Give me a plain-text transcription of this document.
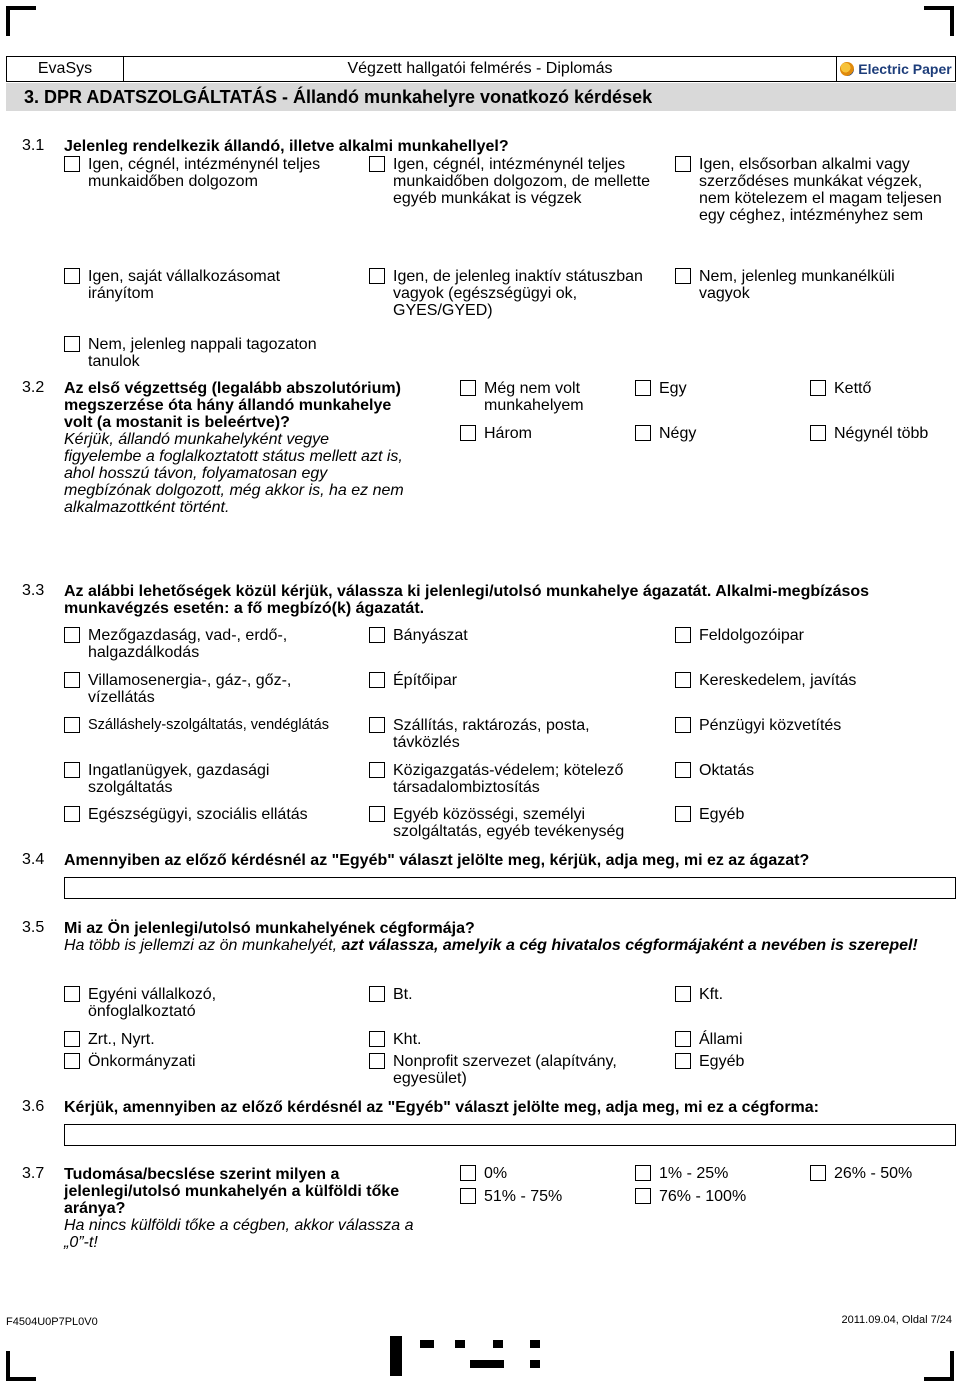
EvaSys	Végzett hallgatói felmérés - Diplomás	Electric Paper
3. DPR ADATSZOLGÁLTATÁS - Állandó munkahelyre vonatkozó kérdések
3.1 Jelenleg rendelkezik állandó, illetve alkalmi munkahellyel?
Igen, cégnél, intézménynél teljes munkaidőben dolgozom
Igen, cégnél, intézménynél teljes munkaidőben dolgozom, de mellette egyéb munkákat is végzek
Igen, elsősorban alkalmi vagy szerződéses munkákat végzek, nem kötelezem el magam teljesen egy céghez, intézményhez sem
Igen, saját vállalkozásomat irányítom
Igen, de jelenleg inaktív státuszban vagyok (egészségügyi ok, GYES/GYED)
Nem, jelenleg munkanélküli vagyok
Nem, jelenleg nappali tagozaton tanulok
3.2 Az első végzettség (legalább abszolutórium) megszerzése óta hány állandó munkahelye volt (a mostanit is beleértve)?
Kérjük, állandó munkahelyként vegye figyelembe a foglalkoztatott státus mellett azt is, ahol hosszú távon, folyamatosan egy megbízónak dolgozott, még akkor is, ha ez nem alkalmazottként történt.
Még nem volt munkahelyem
Egy	Kettő
Három	Négy	Négynél több
3.3 Az alábbi lehetőségek közül kérjük, válassza ki jelenlegi/utolsó munkahelye ágazatát. Alkalmi-megbízásos munkavégzés esetén: a fő megbízó(k) ágazatát.
Mezőgazdaság, vad-, erdő-, halgazdálkodás
Bányászat	Feldolgozóipar
Villamosenergia-, gáz-, gőz-, vízellátás
Építőipar	Kereskedelem, javítás
Szálláshely-szolgáltatás, vendéglátás	Szállítás, raktározás, posta, távközlés
Pénzügyi közvetítés
Ingatlanügyek, gazdasági szolgáltatás
Közigazgatás-védelem; kötelező társadalombiztosítás
Oktatás
Egészségügyi, szociális ellátás	Egyéb közösségi, személyi szolgáltatás, egyéb tevékenység
Egyéb
3.4 Amennyiben az előző kérdésnél az "Egyéb" választ jelölte meg, kérjük, adja meg, mi ez az ágazat?
3.5 Mi az Ön jelenlegi/utolsó munkahelyének cégformája?
Ha több is jellemzi az ön munkahelyét, azt válassza, amelyik a cég hivatalos cégformájaként a nevében is szerepel!
Egyéni vállalkozó, önfoglalkoztató
Bt.	Kft.
Zrt., Nyrt.	Kht.	Állami
Önkormányzati	Nonprofit szervezet (alapítvány, egyesület)
Egyéb
3.6 Kérjük, amennyiben az előző kérdésnél az "Egyéb" választ jelölte meg, adja meg, mi ez a cégforma:
3.7 Tudomása/becslése szerint milyen a jelenlegi/utolsó munkahelyén a külföldi tőke aránya?
Ha nincs külföldi tőke a cégben, akkor válassza a „0”-t!
0%	1% - 25%	26% - 50%
51% - 75%	76% - 100%
F4504U0P7PL0V0	2011.09.04, Oldal 7/24
